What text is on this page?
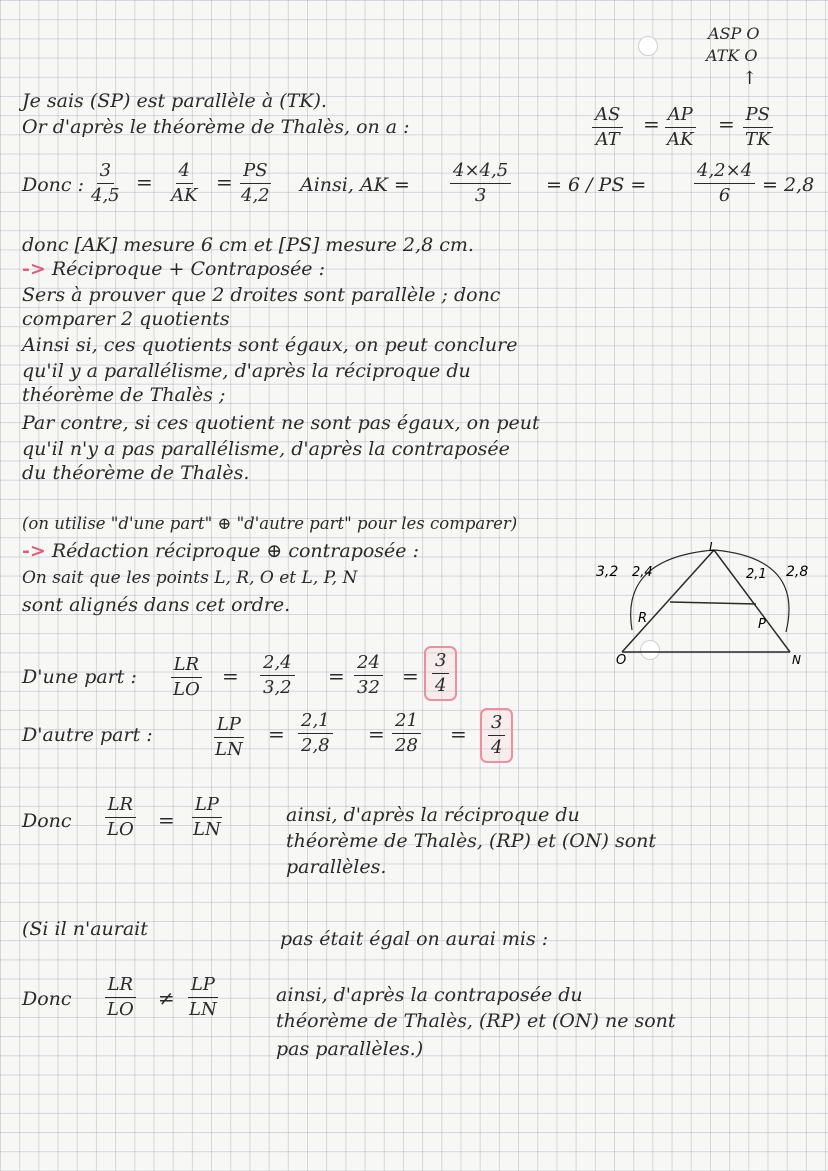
ASP O
ATK O
↑
Je sais (SP) est parallèle à (TK).
Or d'après le théorème de Thalès, on a :	$\frac{AS}{AT} = \frac{AP}{AK} = \frac{PS}{TK}$
Donc : $\frac{3}{4,5} = \frac{4}{AK} = \frac{PS}{4,2}$ Ainsi, AK = $\frac{4\times 4,5}{3} = 6$ / PS =	$\frac{4,2\times 4}{6} = 2,8$
donc [AK] mesure 6 cm et [PS] mesure 2,8 cm.
-> Réciproque + Contraposée :
Sers à prouver que 2 droites sont parallèle ; donc
comparer 2 quotients
Ainsi si, ces quotients sont égaux, on peut conclure
qu'il y a parallélisme, d'après la réciproque du
théorème de Thalès ;
Par contre, si ces quotient ne sont pas égaux, on peut
qu'il n'y a pas parallélisme, d'après la contraposée
du théorème de Thalès.
(on utilise "d'une part" ⊕ "d'autre part" pour les comparer)
-> Rédaction réciproque ⊕ contraposée :
On sait que les points L, R, O et L, P, N
sont alignés dans cet ordre.
L
R	P
O	N
3,2 2,4	2,1 2,8
D'une part : $\frac{LR}{LO} = \frac{2,4}{3,2} = \frac{24}{32} = \frac{3}{4}$
D'autre part :	$\frac{LP}{LN} = \frac{2,1}{2,8} = \frac{21}{28} = \frac{3}{4}$
Donc $\frac{LR}{LO} = \frac{LP}{LN}$	ainsi, d'après la réciproque du
théorème de Thalès, (RP) et (ON) sont
parallèles.
(Si il n'aurait	pas était égal on aurai mis :
Donc $\frac{LR}{LO} \ne \frac{LP}{LN}$	ainsi, d'après la contraposée du
théorème de Thalès, (RP) et (ON) ne sont
pas parallèles.)
